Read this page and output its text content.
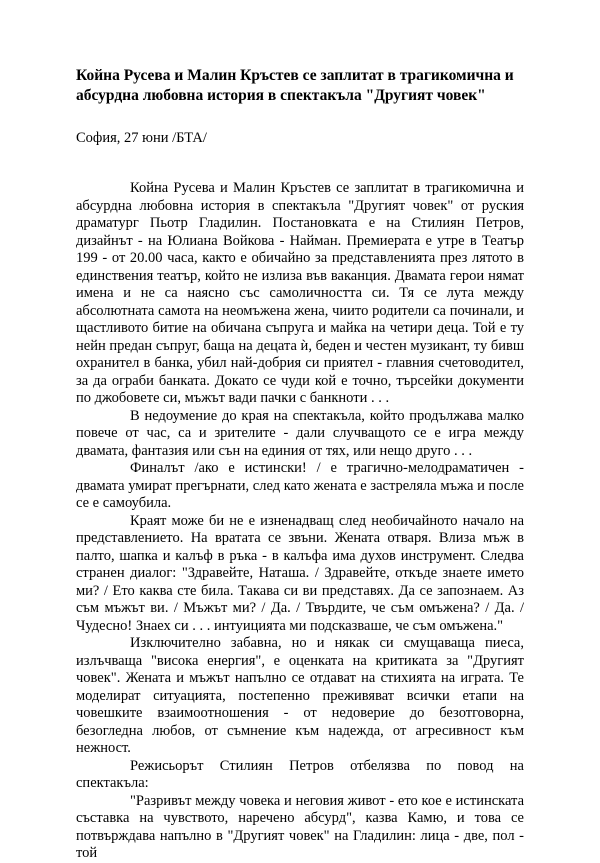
Койна Русева и Малин Кръстев се заплитат в трагикомична и абсурдна любовна история в спектакъла "Другият човек"

София, 27 юни /БТА/

Койна Русева и Малин Кръстев се заплитат в трагикомична и абсурдна любовна история в спектакъла "Другият човек" от руския драматург Пьотр Гладилин. Постановката е на Стилиян Петров, дизайнът - на Юлиана Войкова - Найман. Премиерата е утре в Театър 199 - от 20.00 часа, както е обичайно за представленията през лятото в единствения театър, който не излиза във ваканция. Двамата герои нямат имена и не са наясно със самоличността си. Тя се лута между абсолютната самота на неомъжена жена, чиито родители са починали, и щастливото битие на обичана съпруга и майка на четири деца. Той е ту нейн предан съпруг, баща на децата ѝ, беден и честен музикант, ту бивш охранител в банка, убил най-добрия си приятел - главния счетоводител, за да ограби банката. Докато се чуди кой е точно, търсейки документи по джобовете си, мъжът вади пачки с банкноти . . .

В недоумение до края на спектакъла, който продължава малко повече от час, са и зрителите - дали случващото се е игра между двамата, фантазия или сън на единия от тях, или нещо друго . . .

Финалът /ако е истински! / е трагично-мелодраматичен - двамата умират прегърнати, след като жената е застреляла мъжа и после се е самоубила.

Краят може би не е изненадващ след необичайното начало на представлението. На вратата се звъни. Жената отваря. Влиза мъж в палто, шапка и калъф в ръка - в калъфа има духов инструмент. Следва странен диалог: "Здравейте, Наташа. / Здравейте, откъде знаете името ми? / Ето каква сте била. Такава си ви представях. Да се запознаем. Аз съм мъжът ви. / Мъжът ми? / Да. / Твърдите, че съм омъжена? / Да. / Чудесно! Знаех си . . . интуицията ми подсказваше, че съм омъжена."

Изключително забавна, но и някак си смущаваща пиеса, излъчваща "висока енергия", е оценката на критиката за "Другият човек". Жената и мъжът напълно се отдават на стихията на играта. Те моделират ситуацията, постепенно преживяват всички етапи на човешките взаимоотношения - от недоверие до безотговорна, безогледна любов, от съмнение към надежда, от агресивност към нежност.

Режисьорът Стилиян Петров отбелязва по повод на спектакъла:

"Разривът между човека и неговия живот - ето кое е истинската съставка на чувството, наречено абсурд", казва Камю, и това се потвърждава напълно в "Другият човек" на Гладилин: лица - две, пол - той
